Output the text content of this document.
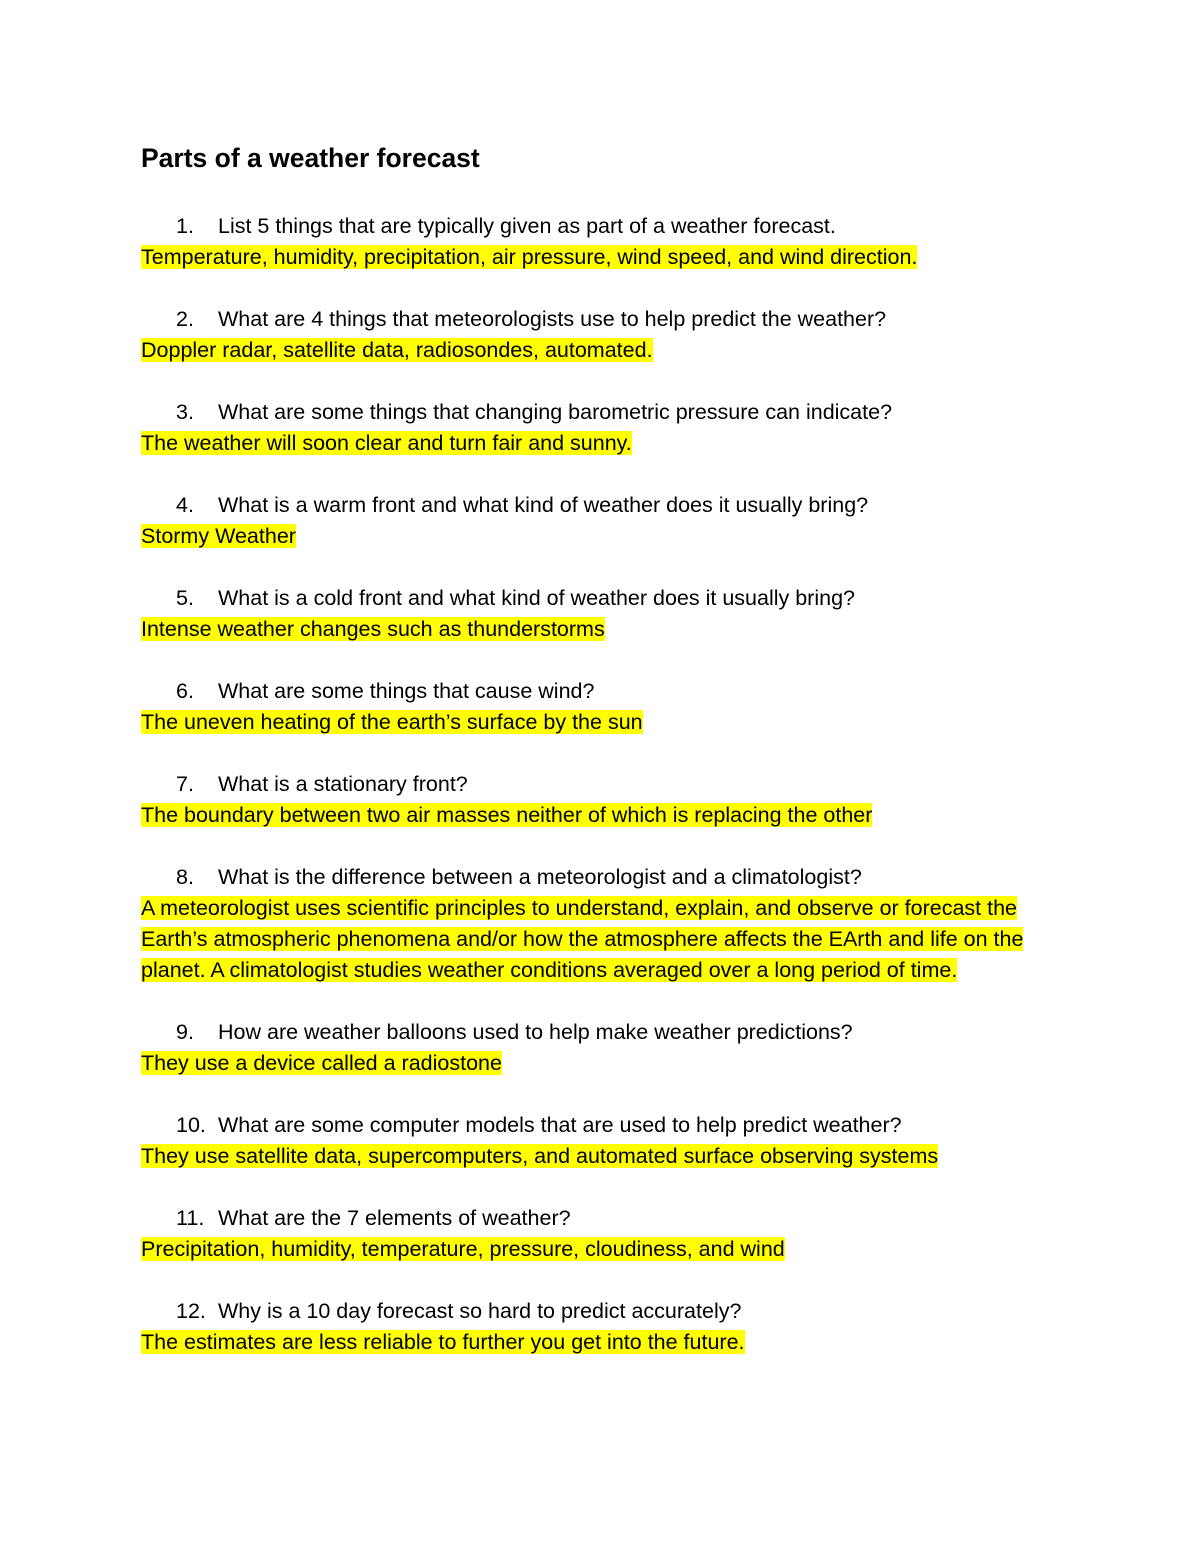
Parts of a weather forecast
1.	List 5 things that are typically given as part of a weather forecast.
Temperature, humidity, precipitation, air pressure, wind speed, and wind direction.
2.	What are 4 things that meteorologists use to help predict the weather?
Doppler radar, satellite data, radiosondes, automated.
3.	What are some things that changing barometric pressure can indicate?
The weather will soon clear and turn fair and sunny.
4.	What is a warm front and what kind of weather does it usually bring?
Stormy Weather
5.	What is a cold front and what kind of weather does it usually bring?
Intense weather changes such as thunderstorms
6.	What are some things that cause wind?
The uneven heating of the earth’s surface by the sun
7.	What is a stationary front?
The boundary between two air masses neither of which is replacing the other
8.	What is the difference between a meteorologist and a climatologist?
A meteorologist uses scientific principles to understand, explain, and observe or forecast the Earth’s atmospheric phenomena and/or how the atmosphere affects the EArth and life on the planet. A climatologist studies weather conditions averaged over a long period of time.
9.	How are weather balloons used to help make weather predictions?
They use a device called a radiostone
10. What are some computer models that are used to help predict weather?
They use satellite data, supercomputers, and automated surface observing systems
11. What are the 7 elements of weather?
Precipitation, humidity, temperature, pressure, cloudiness, and wind
12. Why is a 10 day forecast so hard to predict accurately?
The estimates are less reliable to further you get into the future.
